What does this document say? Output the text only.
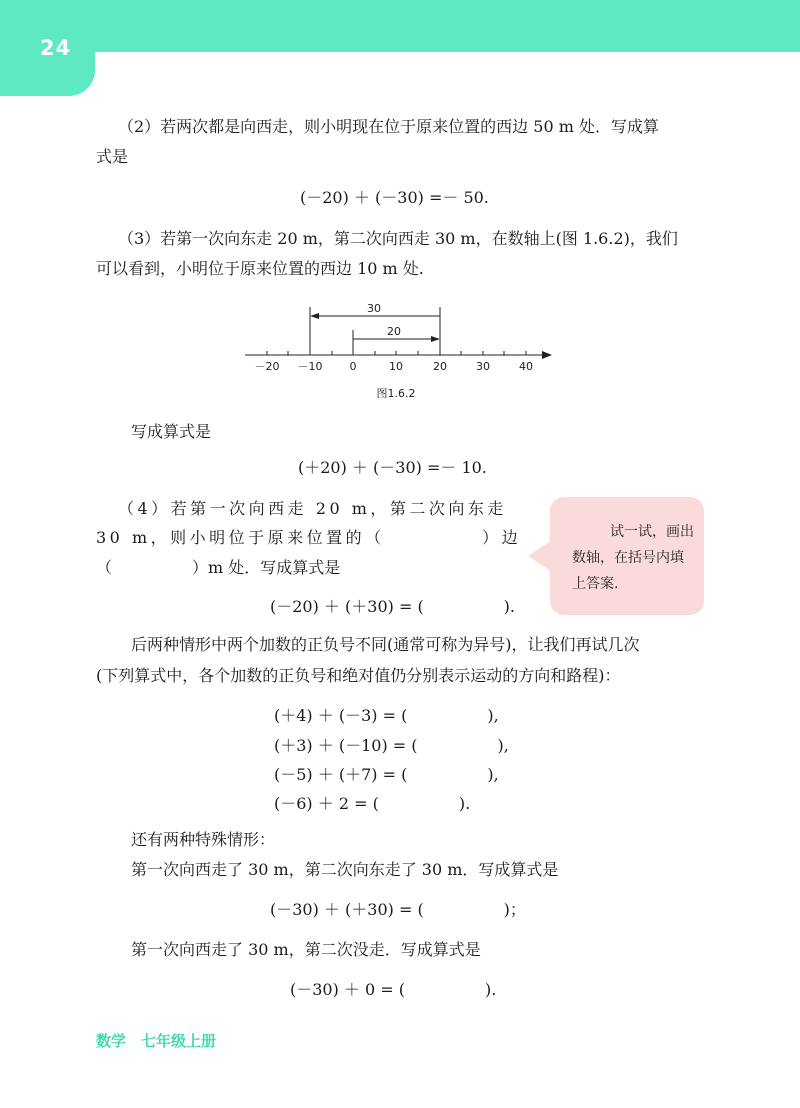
24
（2）若两次都是向西走，则小明现在位于原来位置的西边 50 m 处．写成算
式是
(－20) ＋ (－30) =－ 50.
（3）若第一次向东走 20 m，第二次向西走 30 m，在数轴上(图 1.6.2)，我们
可以看到，小明位于原来位置的西边 10 m 处.
30
20
－20 －10 0	10	20	30	40
图1.6.2
写成算式是
(＋20) ＋ (－30) =－ 10.
（4）若第一次向西走 20 m，第二次向东走
30 m，则小明位于原来位置的（　　　　　）边
（　　　　　）m 处．写成算式是
(－20) ＋ (＋30) = (　　　　　).
试一试，画出
数轴，在括号内填
上答案.
后两种情形中两个加数的正负号不同(通常可称为异号)，让我们再试几次
(下列算式中，各个加数的正负号和绝对值仍分别表示运动的方向和路程)：
(＋4) ＋ (－3) = (　　　　　),
(＋3) ＋ (－10) = (　　　　　),
(－5) ＋ (＋7) = (　　　　　),
(－6) ＋ 2 = (　　　　　).
还有两种特殊情形：
第一次向西走了 30 m，第二次向东走了 30 m．写成算式是
(－30) ＋ (＋30) = (　　　　　)；
第一次向西走了 30 m，第二次没走．写成算式是
(－30) ＋ 0 = (　　　　　).
数学　七年级上册
